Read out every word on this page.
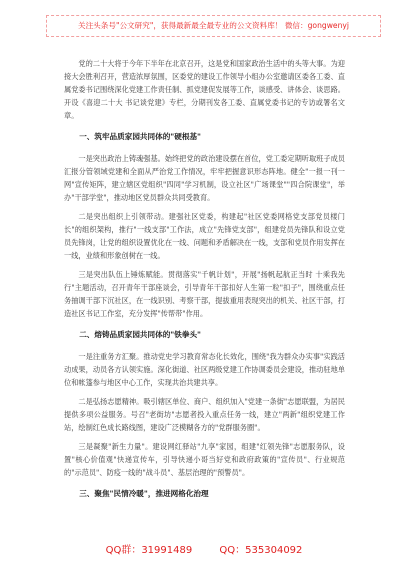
关注头条号"公文研究"，获得最新最全最专业的公文资料库！ 微信：gongwenyj

党的二十大将于今年下半年在北京召开，这是党和国家政治生活中的头等大事。为迎接大会胜利召开，营造浓厚氛围，区委党的建设工作领导小组办公室邀请区委各工委、直属党委书记围绕深化党建工作责任制、抓党建促发展等工作，谈感受、讲体会、谈思路。开设《喜迎二十大 书记谈党建》专栏，分期刊发各工委、直属党委书记的专访或署名文章。

一、筑牢品质家园共同体的"硬根基"

一是突出政治上铸魂强基。始终把党的政治建设摆在首位，党工委定期听取班子成员汇报分管领域党建和全面从严治党工作情况，牢牢把握意识形态阵地。健全"一报一刊一网"宣传矩阵，建立辖区党组织"四同"学习机制，设立社区"广场课堂""四合院课堂"，举办"干部学堂"，推动地区党员群众共同受教育。

二是突出组织上引领带动。建强社区党委，构建起"社区党委网格党支部党员楼门长"的组织架构，推行"一线支部"工作法，成立"先锋党支部"，组建党员先锋队和设立党员先锋岗，让党的组织设置优化在一线、问题和矛盾解决在一线，支部和党员作用发挥在一线，业绩和形象创树在一线。

三是突出队伍上锤炼赋能。贯彻落实"千帆计划"，开展"扬帆起航正当时 十乘我先行"主题活动，召开青年干部座谈会，引导青年干部扣好人生第一粒"扣子"，围绕重点任务抽调干部下沉社区，在一线识别、考察干部，提拔重用表现突出的机关、社区干部，打造社区书记工作室，充分发挥"传帮带"作用。

二、熔铸品质家园共同体的"铁拳头"

一是注重务方汇聚。推动党史学习教育常态化长效化，围绕"我为群众办实事"实践活动成果，动员各方认领实施。深化街道、社区两级党建工作协调委员会建设，推动驻地单位和帐篷参与地区中心工作，实现共治共建共享。

二是弘扬志愿精神。吸引辖区单位、商户、组织加入"党建一条街"志愿联盟，为居民提供多项公益服务。号召"老街坊"志愿者投入重点任务一线，建立"两新"组织党建工作站，绘制红色成长路线图，建设广泛模糊各方的"党群服务圈"。

三是凝聚"新生力量"。建设网红驿站"九享"家园，组建"红领先锋"志愿服务队，设置"核心价值观"快递宣传车，引导快递小哥当好党和政府政策的"宣传员"、行业规范的"示范员"、防疫一线的"战斗员"、基层治理的"预警员"。

三、聚焦"民情冷暖"，推进网格化治理
QQ群：31991489	QQ：535304092
